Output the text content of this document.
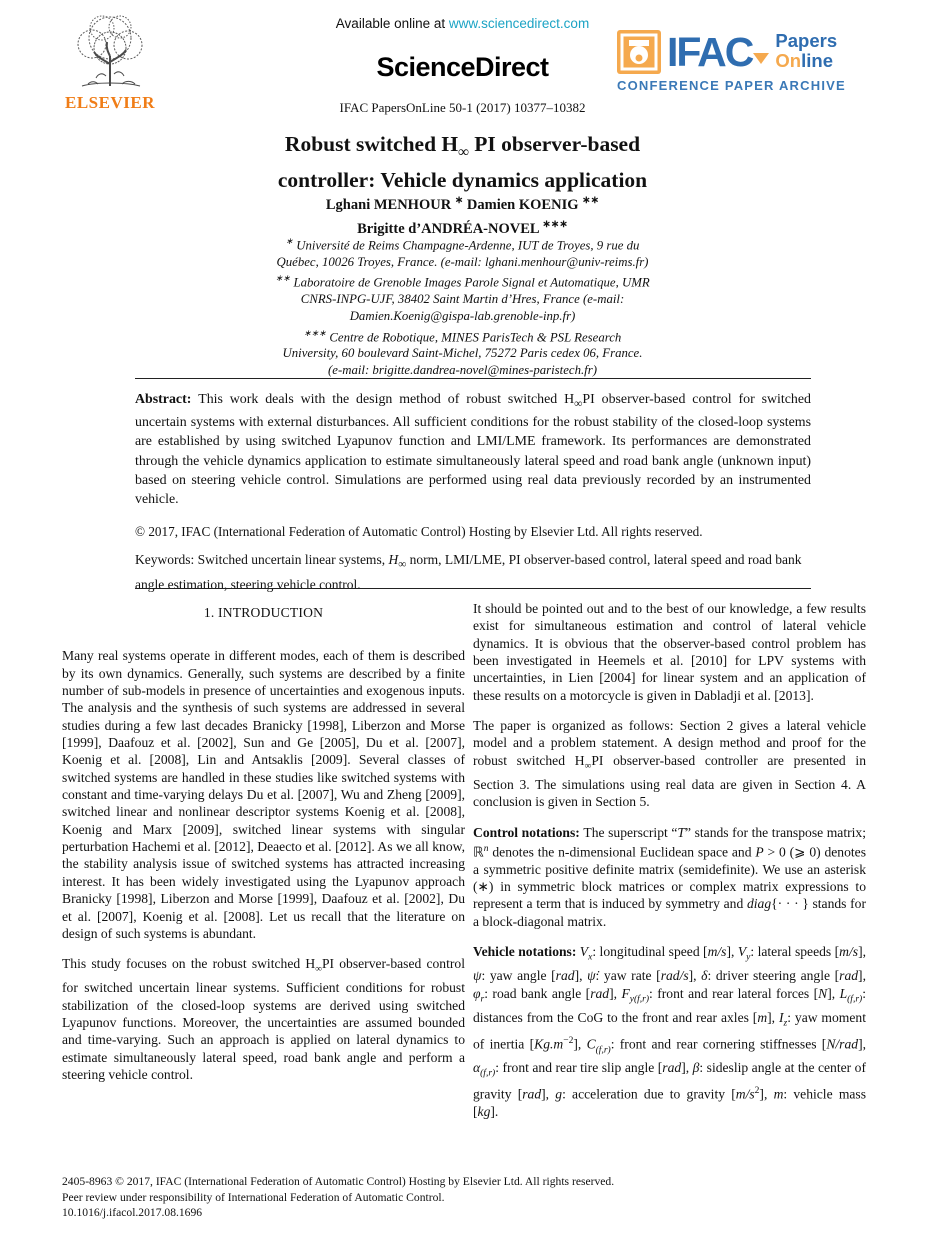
Available online at www.sciencedirect.com
ScienceDirect
IFAC PapersOnLine 50-1 (2017) 10377–10382
ELSEVIER
IFAC	Papers
Online
CONFERENCE PAPER ARCHIVE
Robust switched $H_\infty$ PI observer-based
controller: Vehicle dynamics application
Lghani MENHOUR ∗ Damien KOENIG ∗∗
Brigitte d’ANDRÉA-NOVEL ∗∗∗
∗ Université de Reims Champagne-Ardenne, IUT de Troyes, 9 rue du
Québec, 10026 Troyes, France. (e-mail: lghani.menhour@univ-reims.fr)
∗∗ Laboratoire de Grenoble Images Parole Signal et Automatique, UMR
CNRS-INPG-UJF, 38402 Saint Martin d’Hres, France (e-mail:
Damien.Koenig@gispa-lab.grenoble-inp.fr)
∗∗∗ Centre de Robotique, MINES ParisTech & PSL Research
University, 60 boulevard Saint-Michel, 75272 Paris cedex 06, France.
(e-mail: brigitte.dandrea-novel@mines-paristech.fr)
Abstract: This work deals with the design method of robust switched $H_\infty PI$ observer-based control for switched uncertain systems with external disturbances. All sufficient conditions for the robust stability of the closed-loop systems are established by using switched Lyapunov function and LMI/LME framework. Its performances are demonstrated through the vehicle dynamics application to estimate simultaneously lateral speed and road bank angle (unknown input) based on steering vehicle control. Simulations are performed using real data previously recorded by an instrumented vehicle.
© 2017, IFAC (International Federation of Automatic Control) Hosting by Elsevier Ltd. All rights reserved.
Keywords: Switched uncertain linear systems, $H_\infty$ norm, LMI/LME, PI observer-based control, lateral speed and road bank angle estimation, steering vehicle control.
1. INTRODUCTION

Many real systems operate in different modes, each of them is described by its own dynamics. Generally, such systems are described by a finite number of sub-models in presence of uncertainties and exogenous inputs. The analysis and the synthesis of such systems are addressed in several studies during a few last decades Branicky [1998], Liberzon and Morse [1999], Daafouz et al. [2002], Sun and Ge [2005], Du et al. [2007], Koenig et al. [2008], Lin and Antsaklis [2009]. Several classes of switched systems are handled in these studies like switched systems with constant and time-varying delays Du et al. [2007], Wu and Zheng [2009], switched linear and nonlinear descriptor systems Koenig et al. [2008], Koenig and Marx [2009], switched linear systems with singular perturbation Hachemi et al. [2012], Deaecto et al. [2012]. As we all know, the stability analysis issue of switched systems has attracted increasing interest. It has been widely investigated using the Lyapunov approach Branicky [1998], Liberzon and Morse [1999], Daafouz et al. [2002], Du et al. [2007], Koenig et al. [2008]. Let us recall that the literature on design of such systems is abundant.

This study focuses on the robust switched $H_\infty PI$ observer-based control for switched uncertain linear systems. Sufficient conditions for robust stabilization of the closed-loop systems are derived using switched Lyapunov functions. Moreover, the uncertainties are assumed bounded and time-varying. Such an approach is applied on lateral dynamics to estimate simultaneously lateral speed, road bank angle and perform a steering vehicle control.

It should be pointed out and to the best of our knowledge, a few results exist for simultaneous estimation and control of lateral vehicle dynamics. It is obvious that the observer-based control problem has been investigated in Heemels et al. [2010] for LPV systems with uncertainties, in Lien [2004] for linear system and an application of these results on a motorcycle is given in Dabladji et al. [2013].

The paper is organized as follows: Section 2 gives a lateral vehicle model and a problem statement. A design method and proof for the robust switched $H_\infty PI$ observer-based controller are presented in Section 3. The simulations using real data are given in Section 4. A conclusion is given in Section 5.

Control notations: The superscript “T” stands for the transpose matrix; ℝ$^n$ denotes the n-dimensional Euclidean space and P > 0 (⩾ 0) denotes a symmetric positive definite matrix (semidefinite). We use an asterisk (∗) in symmetric block matrices or complex matrix expressions to represent a term that is induced by symmetry and diag{· · · } stands for a block-diagonal matrix.

Vehicle notations: $V_x$: longitudinal speed [m/s], $V_y$: lateral speeds [m/s], ψ: yaw angle [rad], ψ̇: yaw rate [rad/s], δ: driver steering angle [rad], $\varphi_r$: road bank angle [rad], $F_{y(f,r)}$: front and rear lateral forces [N], $L_{(f,r)}$: distances from the CoG to the front and rear axles [m], $I_z$: yaw moment of inertia $[Kg.m^{-2}]$, $C_{(f,r)}$: front and rear cornering stiffnesses [N/rad], $\alpha_{(f,r)}$: front and rear tire slip angle [rad], β: sideslip angle at the center of gravity [rad], g: acceleration due to gravity $[m/s^2]$, m: vehicle mass [kg].

2405-8963 © 2017, IFAC (International Federation of Automatic Control) Hosting by Elsevier Ltd. All rights reserved.
Peer review under responsibility of International Federation of Automatic Control.
10.1016/j.ifacol.2017.08.1696
